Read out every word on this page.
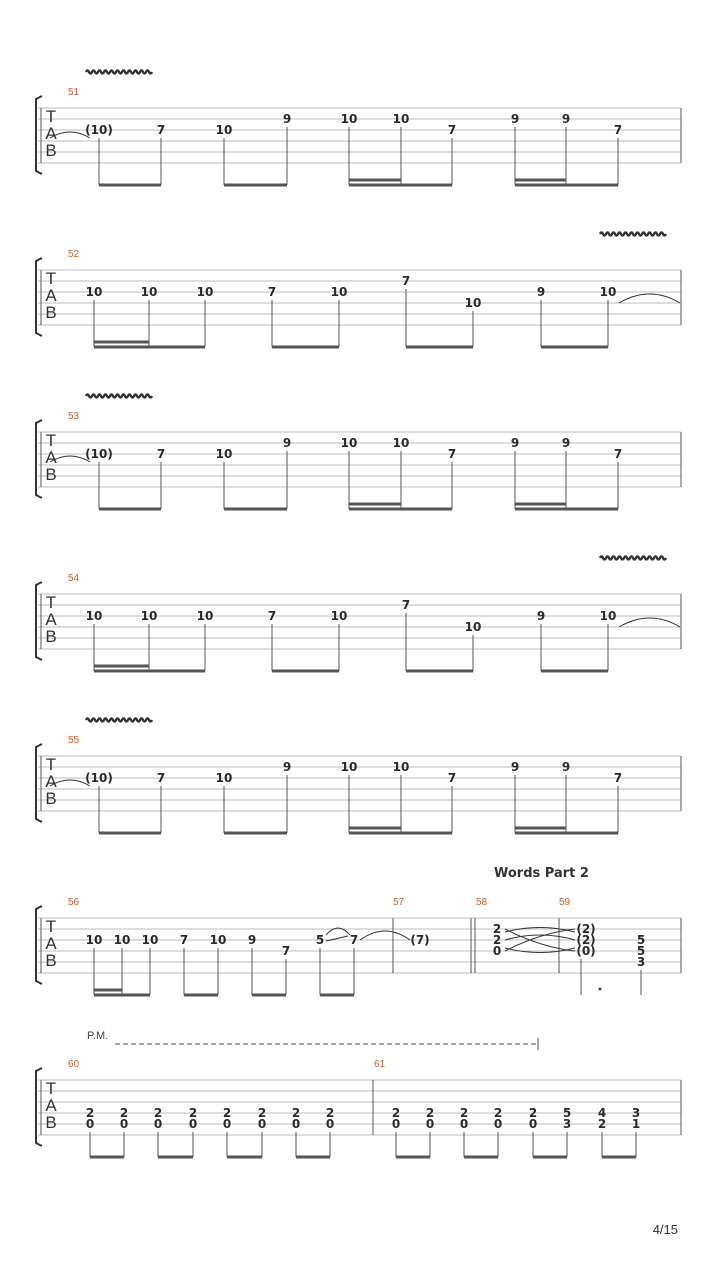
T
A
B
51
(10)	7	10
9	10	10
7
9	9
7
T
A
B
52
10	10	10	7	10
7
10
9	10
T
A
B
53
(10)	7	10
9	10	10
7
9	9
7
T
A
B
54
10	10	10	7	10
7
10
9	10
T
A
B
55
(10)	7	10
9	10	10
7
9	9
7
T
A
B
Words Part 2
56	57	58	59
10 10 10 7 10 9
7
5 7	(7)
2
2
0
(2)
(2)
(0)
5
5
3
T
A
B
60	61
P.M.
2
0
2
0
2
0
2
0
2
0
2
0
2
0
2
0
2
0
2
0
2
0
2
0
2
0
5
3
4
2
3
1
4/15
